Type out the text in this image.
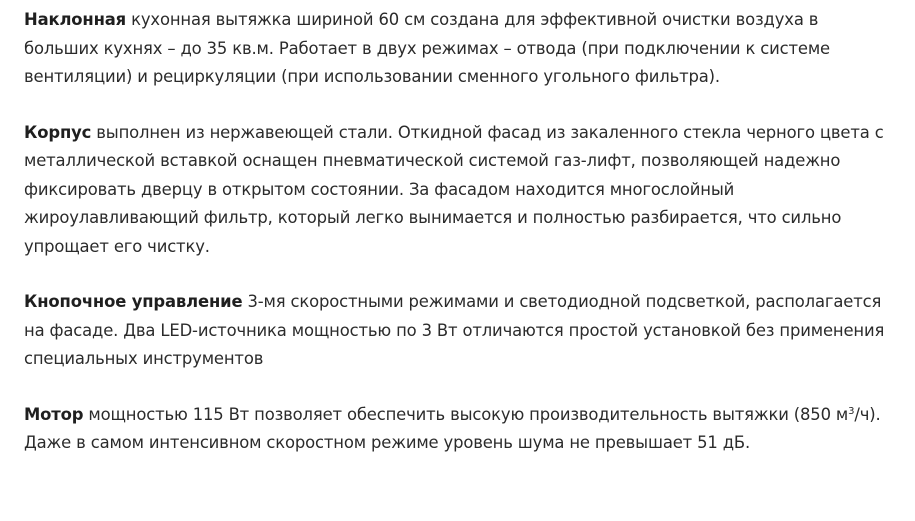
Наклонная кухонная вытяжка шириной 60 см создана для эффективной очистки воздуха в больших кухнях – до 35 кв.м. Работает в двух режимах – отвода (при подключении к системе вентиляции) и рециркуляции (при использовании сменного угольного фильтра).

Корпус выполнен из нержавеющей стали. Откидной фасад из закаленного стекла черного цвета с металлической вставкой оснащен пневматической системой газ-лифт, позволяющей надежно фиксировать дверцу в открытом состоянии. За фасадом находится многослойный жироулавливающий фильтр, который легко вынимается и полностью разбирается, что сильно упрощает его чистку.

Кнопочное управление 3-мя скоростными режимами и светодиодной подсветкой, располагается на фасаде. Два LED-источника мощностью по 3 Вт отличаются простой установкой без применения специальных инструментов

Мотор мощностью 115 Вт позволяет обеспечить высокую производительность вытяжки (850 $м^3/ч$). Даже в самом интенсивном скоростном режиме уровень шума не превышает 51 дБ.
